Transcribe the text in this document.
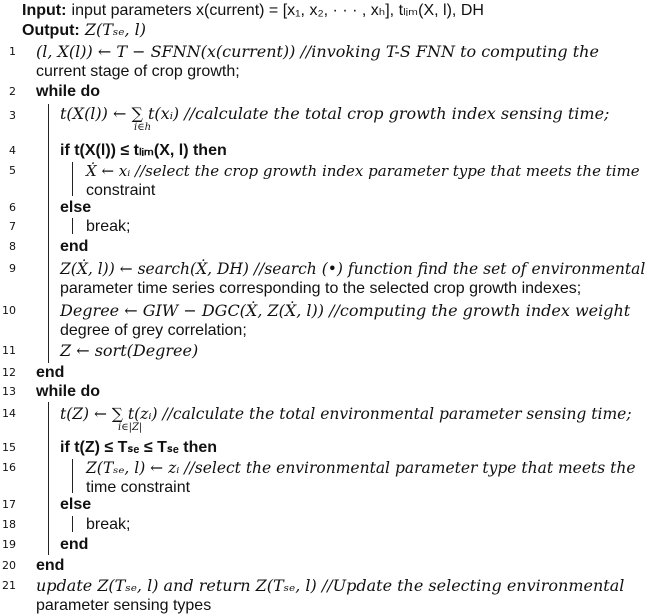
Input: input parameters x(current) = [x₁, x₂, · · · , xₕ], tₗᵢₘ(X, l), DH
Output: Z(Tₛₑ, l)
1
2
3
4
5
6
7
8
9
10
11
12
13
14
15
16
17
18
19
20
21
(l, X(l)) ← T − SFNN(x(current)) //invoking T-S FNN to computing the
current stage of crop growth;
while do
t(X(l)) ← ∑ t(xᵢ) //calculate the total crop growth index sensing time;
i∈h
if t(X(l)) ≤ tₗᵢₘ(X, l) then
Ẋ ← xᵢ //select the crop growth index parameter type that meets the time
constraint
else
break;
end
Z(Ẋ, l)) ← search(Ẋ, DH) //search (•) function find the set of environmental
parameter time series corresponding to the selected crop growth indexes;
Degree ← GIW − DGC(Ẋ, Z(Ẋ, l)) //computing the growth index weight
degree of grey correlation;
Z ← sort(Degree)
end
while do
t(Z) ← ∑ t(zᵢ) //calculate the total environmental parameter sensing time;
i∈|Z|
if t(Z) ≤ Tₛₑ ≤ Tₛₑ then
Z(Tₛₑ, l) ← zᵢ //select the environmental parameter type that meets the
time constraint
else
break;
end
end
update Z(Tₛₑ, l) and return Z(Tₛₑ, l) //Update the selecting environmental
parameter sensing types
